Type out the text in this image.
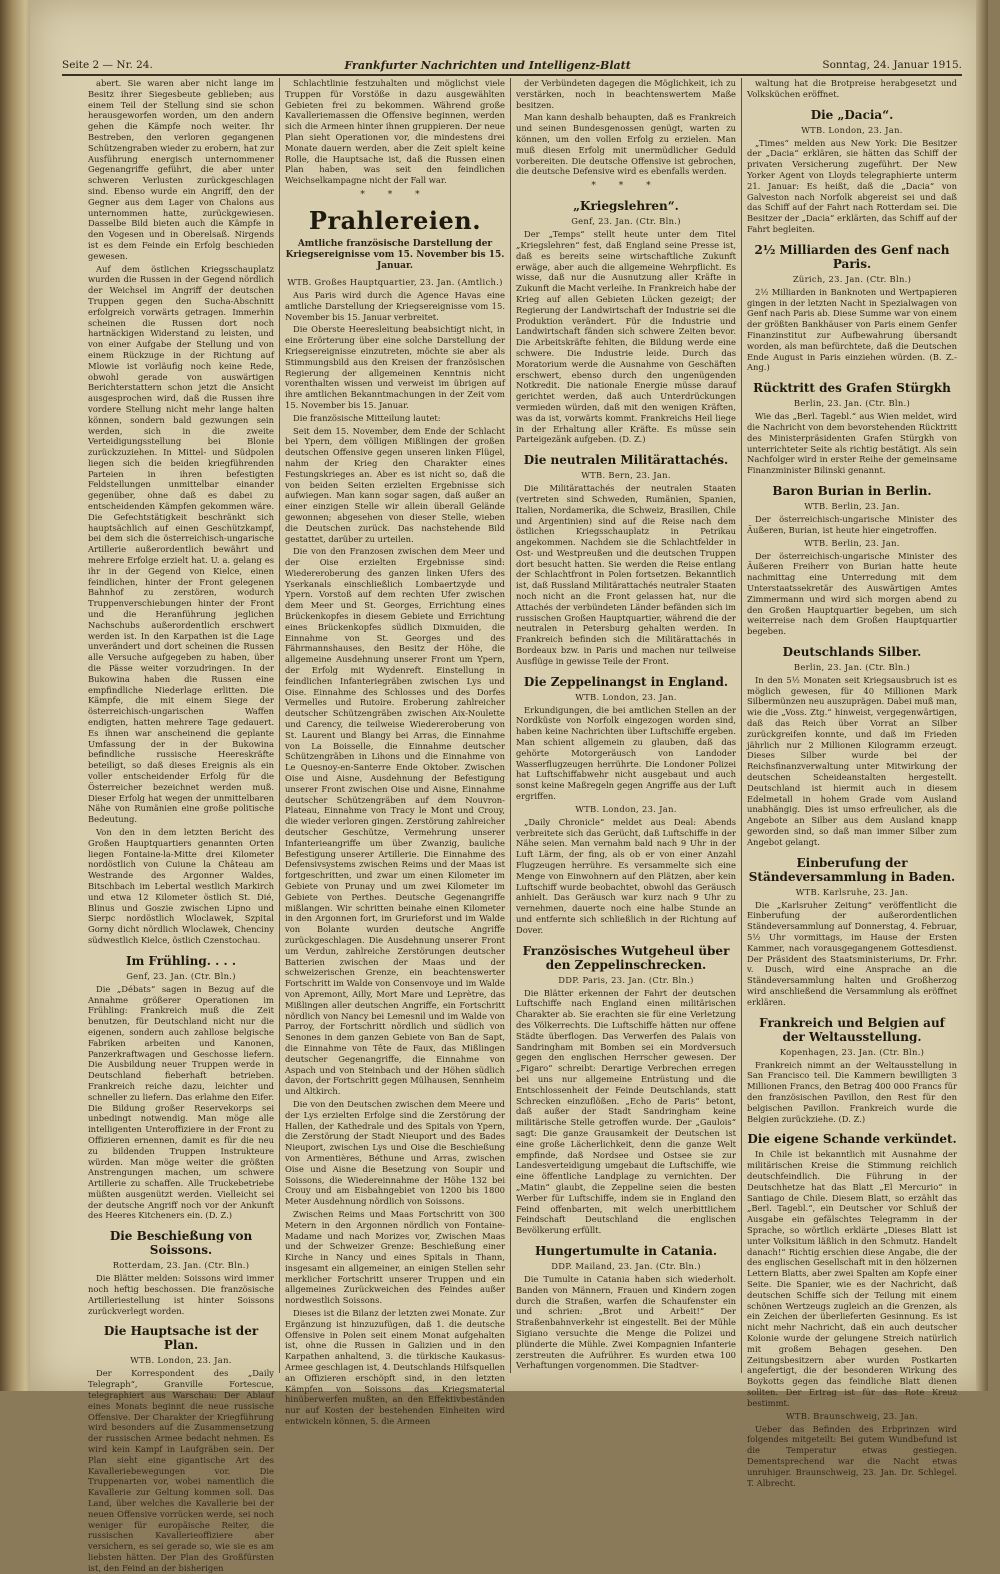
Seite 2 — Nr. 24.	Frankfurter Nachrichten und Intelligenz-Blatt	Sonntag, 24. Januar 1915.

abert. Sie waren aber nicht lange im Besitz ihrer Siegesbeute geblieben; aus einem Teil der Stellung sind sie schon herausgeworfen worden, um den andern gehen die Kämpfe noch weiter. Ihr Bestreben, den verloren gegangenen Schützengraben wieder zu erobern, hat zur Ausführung energisch unternommener Gegenangriffe geführt, die aber unter schweren Verlusten zurückgeschlagen sind. Ebenso wurde ein Angriff, den der Gegner aus dem Lager von Chalons aus unternommen hatte, zurückgewiesen. Dasselbe Bild bieten auch die Kämpfe in den Vogesen und in Oberelsaß. Nirgends ist es dem Feinde ein Erfolg beschieden gewesen.

Auf dem östlichen Kriegsschauplatz wurden die Russen in der Gegend nördlich der Weichsel im Angriff der deutschen Truppen gegen den Sucha-Abschnitt erfolgreich vorwärts getragen. Immerhin scheinen die Russen dort noch hartnäckigen Widerstand zu leisten, und von einer Aufgabe der Stellung und von einem Rückzuge in der Richtung auf Mlowie ist vorläufig noch keine Rede, obwohl gerade von auswärtigen Berichterstattern schon jetzt die Ansicht ausgesprochen wird, daß die Russen ihre vordere Stellung nicht mehr lange halten können, sondern bald gezwungen sein werden, sich in die zweite Verteidigungsstellung bei Blonie zurückzuziehen. In Mittel- und Südpolen liegen sich die beiden kriegführenden Parteien in ihren befestigten Feldstellungen unmittelbar einander gegenüber, ohne daß es dabei zu entscheidenden Kämpfen gekommen wäre. Die Gefechtstätigkeit beschränkt sich hauptsächlich auf einen Geschützkampf, bei dem sich die österreichisch-ungarische Artillerie außerordentlich bewährt und mehrere Erfolge erzielt hat. U. a. gelang es ihr in der Gegend von Kielce, einen feindlichen, hinter der Front gelegenen Bahnhof zu zerstören, wodurch Truppenverschiebungen hinter der Front und die Heranführung jeglichen Nachschubs außerordentlich erschwert werden ist. In den Karpathen ist die Lage unverändert und dort scheinen die Russen alle Versuche aufgegeben zu haben, über die Pässe weiter vorzudringen. In der Bukowina haben die Russen eine empfindliche Niederlage erlitten. Die Kämpfe, die mit einem Siege der österreichisch-ungarischen Waffen endigten, hatten mehrere Tage gedauert. Es ihnen war anscheinend die geplante Umfassung der in der Bukowina befindliche russische Heereskräfte beteiligt, so daß dieses Ereignis als ein voller entscheidender Erfolg für die Österreicher bezeichnet werden muß. Dieser Erfolg hat wegen der unmittelbaren Nähe von Rumänien eine große politische Bedeutung.

Von den in dem letzten Bericht des Großen Hauptquartiers genannten Orten liegen Fontaine-la-Mitte drei Kilometer nordöstlich von Cuiune la Château am Westrande des Argonner Waldes, Bitschbach im Lebertal westlich Markirch und etwa 12 Kilometer östlich St. Dié, Blinus und Goszie zwischen Lipno und Sierpc nordöstlich Wloclawek, Szpital Gorny dicht nördlich Wloclawek, Chenciny südwestlich Kielce, östlich Czenstochau.

Im Frühling. . . .
Genf, 23. Jan. (Ctr. Bln.)

Die „Débats“ sagen in Bezug auf die Annahme größerer Operationen im Frühling: Frankreich muß die Zeit benutzen, für Deutschland nicht nur die eigenen, sondern auch zahllose belgische Fabriken arbeiten und Kanonen, Panzerkraftwagen und Geschosse liefern. Die Ausbildung neuer Truppen werde in Deutschland fieberhaft betrieben. Frankreich reiche dazu, leichter und schneller zu liefern. Das erlahme den Eifer. Die Bildung großer Reservekorps sei unbedingt notwendig. Man möge alle intelligenten Unteroffiziere in der Front zu Offizieren ernennen, damit es für die neu zu bildenden Truppen Instrukteure würden. Man möge weiter die größten Anstrengungen machen, um schwere Artillerie zu schaffen. Alle Truckebetriebe müßten ausgenützt werden. Vielleicht sei der deutsche Angriff noch vor der Ankunft des Heeres Kitcheners ein. (D. Z.)

Die Beschießung von Soissons.
Rotterdam, 23. Jan. (Ctr. Bln.)

Die Blätter melden: Soissons wird immer noch heftig beschossen. Die französische Artilleriestellung ist hinter Soissons zurückverlegt worden.

Die Hauptsache ist der Plan.
WTB. London, 23. Jan.

Der Korrespondent des „Daily Telegraph“, Granville Fortescue, telegraphiert aus Warschau: Der Ablauf eines Monats beginnt die neue russische Offensive. Der Charakter der Kriegführung wird besonders auf die Zusammensetzung der russischen Armee bedacht nehmen. Es wird kein Kampf in Laufgräben sein. Der Plan sieht eine gigantische Art des Kavalleriebewegungen vor. Die Truppenarten vor, wobei namentlich die Kavallerie zur Geltung kommen soll. Das Land, über welches die Kavallerie bei der neuen Offensive vorrücken werde, sei noch weniger für europäische Reiter, die russischen Kavallerieoffiziere aber versichern, es sei gerade so, wie sie es am liebsten hätten. Der Plan des Großfürsten ist, den Feind an der bisherigen

Schlachtlinie festzuhalten und möglichst viele Truppen für Vorstöße in dazu ausgewählten Gebieten frei zu bekommen. Während große Kavalleriemassen die Offensive beginnen, werden sich die Armeen hinter ihnen gruppieren. Der neue Plan sieht Operationen vor, die mindestens drei Monate dauern werden, aber die Zeit spielt keine Rolle, die Hauptsache ist, daß die Russen einen Plan haben, was seit den feindlichen Weichselkampagne nicht der Fall war.

* * *
Prahlereien.
Amtliche französische Darstellung der Kriegsereignisse vom 15. November bis 15. Januar.
WTB. Großes Hauptquartier, 23. Jan. (Amtlich.)

Aus Paris wird durch die Agence Havas eine amtliche Darstellung der Kriegsereignisse vom 15. November bis 15. Januar verbreitet.

Die Oberste Heeresleitung beabsichtigt nicht, in eine Erörterung über eine solche Darstellung der Kriegsereignisse einzutreten, möchte sie aber als Stimmungsbild aus den Kreisen der französischen Regierung der allgemeinen Kenntnis nicht vorenthalten wissen und verweist im übrigen auf ihre amtlichen Bekanntmachungen in der Zeit vom 15. November bis 15. Januar.

Die französische Mitteilung lautet:

Seit dem 15. November, dem Ende der Schlacht bei Ypern, dem völligen Mißlingen der großen deutschen Offensive gegen unseren linken Flügel, nahm der Krieg den Charakter eines Festungskrieges an. Aber es ist nicht so, daß die von beiden Seiten erzielten Ergebnisse sich aufwiegen. Man kann sogar sagen, daß außer an einer einzigen Stelle wir allein überall Gelände gewonnen; abgesehen von dieser Stelle, wieben die Deutschen zurück. Das nachstehende Bild gestattet, darüber zu urteilen.

Die von den Franzosen zwischen dem Meer und der Oise erzielten Ergebnisse sind: Wiedereroberung des ganzen linken Ufers des Yserkanals einschließlich Lombaertzyde und Ypern. Vorstoß auf dem rechten Ufer zwischen dem Meer und St. Georges, Errichtung eines Brückenkopfes in diesem Gebiete und Errichtung eines Brückenkopfes südlich Dixmuiden, die Einnahme von St. Georges und des Fährmannshauses, den Besitz der Höhe, die allgemeine Ausdehnung unserer Front um Ypern, der Erfolg mit Wydenreft. Einstellung in feindlichen Infanteriegräben zwischen Lys und Oise. Einnahme des Schlosses und des Dorfes Vermelles und Rutoire. Eroberung zahlreicher deutscher Schützengräben zwischen Aix-Noulette und Carency, die teilweise Wiedereroberung von St. Laurent und Blangy bei Arras, die Einnahme von La Boisselle, die Einnahme deutscher Schützengräben in Lihons und die Einnahme von Le Quesnoy-en-Santerre Ende Oktober. Zwischen Oise und Aisne, Ausdehnung der Befestigung unserer Front zwischen Oise und Aisne, Einnahme deutscher Schützengräben auf dem Nouvron-Plateau, Einnahme von Tracy le Mont und Crouy, die wieder verloren gingen. Zerstörung zahlreicher deutscher Geschütze, Vermehrung unserer Infanterieangriffe um über Zwanzig, bauliche Befestigung unserer Artillerie. Die Einnahme des Defensivsystems zwischen Reims und der Maas ist fortgeschritten, und zwar um einen Kilometer im Gebiete von Prunay und um zwei Kilometer im Gebiete von Perthes. Deutsche Gegenangriffe mißlangen. Wir schritten beinahe einen Kilometer in den Argonnen fort, im Grurieforst und im Walde von Bolante wurden deutsche Angriffe zurückgeschlagen. Die Ausdehnung unserer Front um Verdun, zahlreiche Zerstörungen deutscher Batterien zwischen der Maas und der schweizerischen Grenze, ein beachtenswerter Fortschritt im Walde von Consenvoye und im Walde von Apremont, Ailly, Mort Mare und Leprètre, das Mißlingen aller deutschen Angriffe, ein Fortschritt nördlich von Nancy bei Lemesnil und im Walde von Parroy, der Fortschritt nördlich und südlich von Senones in dem ganzen Gebiete von Ban de Sapt, die Einnahme von Tête de Faux, das Mißlingen deutscher Gegenangriffe, die Einnahme von Aspach und von Steinbach und der Höhen südlich davon, der Fortschritt gegen Mülhausen, Sennheim und Altkirch.

Die von den Deutschen zwischen dem Meere und der Lys erzielten Erfolge sind die Zerstörung der Hallen, der Kathedrale und des Spitals von Ypern, die Zerstörung der Stadt Nieuport und des Bades Nieuport, zwischen Lys und Oise die Beschießung von Armentières, Béthune und Arras, zwischen Oise und Aisne die Besetzung von Soupir und Soissons, die Wiedereinnahme der Höhe 132 bei Crouy und am Eisbahngebiet von 1200 bis 1800 Meter Ausdehnung nördlich von Soissons.

Zwischen Reims und Maas Fortschritt von 300 Metern in den Argonnen nördlich von Fontaine-Madame und nach Morizes vor, Zwischen Maas und der Schweizer Grenze: Beschießung einer Kirche in Nancy und eines Spitals in Thann, insgesamt ein allgemeiner, an einigen Stellen sehr merklicher Fortschritt unserer Truppen und ein allgemeines Zurückweichen des Feindes außer nordwestlich Soissons.

Dieses ist die Bilanz der letzten zwei Monate. Zur Ergänzung ist hinzuzufügen, daß 1. die deutsche Offensive in Polen seit einem Monat aufgehalten ist, ohne die Russen in Galizien und in den Karpathen anhaltend, 3. die türkische Kaukasus-Armee geschlagen ist, 4. Deutschlands Hilfsquellen an Offizieren erschöpft sind, in den letzten Kämpfen von Soissons das Kriegsmaterial hinüberwerfen mußten, an den Effektivbeständen nur auf Kosten der bestehenden Einheiten wird entwickeln können, 5. die Armeen

der Verbündeten dagegen die Möglichkeit, ich zu verstärken, noch in beachtenswertem Maße besitzen.

Man kann deshalb behaupten, daß es Frankreich und seinen Bundesgenossen genügt, warten zu können, um den vollen Erfolg zu erzielen. Man muß diesen Erfolg mit unermüdlicher Geduld vorbereiten. Die deutsche Offensive ist gebrochen, die deutsche Defensive wird es ebenfalls werden.

* * *
„Kriegslehren“.
Genf, 23. Jan. (Ctr. Bln.)

Der „Temps“ stellt heute unter dem Titel „Kriegslehren“ fest, daß England seine Presse ist, daß es bereits seine wirtschaftliche Zukunft erwäge, aber auch die allgemeine Wehrpflicht. Es wisse, daß nur die Ausnutzung aller Kräfte in Zukunft die Macht verleihe. In Frankreich habe der Krieg auf allen Gebieten Lücken gezeigt; der Regierung der Landwirtschaft der Industrie sei die Produktion verändert. Für die Industrie und Landwirtschaft fänden sich schwere Zeiten bevor. Die Arbeitskräfte fehlten, die Bildung werde eine schwere. Die Industrie leide. Durch das Moratorium werde die Ausnahme von Geschäften erschwert, ebenso durch den ungenügenden Notkredit. Die nationale Energie müsse darauf gerichtet werden, daß auch Unterdrückungen vermieden würden, daß mit den wenigen Kräften, was da ist, vorwärts kommt. Frankreichs Heil liege in der Erhaltung aller Kräfte. Es müsse sein Parteigezänk aufgeben. (D. Z.)

Die neutralen Militärattachés.
WTB. Bern, 23. Jan.

Die Militärattachés der neutralen Staaten (vertreten sind Schweden, Rumänien, Spanien, Italien, Nordamerika, die Schweiz, Brasilien, Chile und Argentinien) sind auf die Reise nach dem östlichen Kriegsschauplatz in Petrikau angekommen. Nachdem sie die Schlachtfelder in Ost- und Westpreußen und die deutschen Truppen dort besucht hatten. Sie werden die Reise entlang der Schlachtfront in Polen fortsetzen. Bekanntlich ist, daß Russland Militärattachés neutraler Staaten noch nicht an die Front gelassen hat, nur die Attachés der verbündeten Länder befänden sich im russischen Großen Hauptquartier, während die der neutralen in Petersburg gehalten werden. In Frankreich befinden sich die Militärattachés in Bordeaux bzw. in Paris und machen nur teilweise Ausflüge in gewisse Teile der Front.

Die Zeppelinangst in England.
WTB. London, 23. Jan.

Erkundigungen, die bei amtlichen Stellen an der Nordküste von Norfolk eingezogen worden sind, haben keine Nachrichten über Luftschiffe ergeben. Man schient allgemein zu glauben, daß das gehörte Motorgeräusch von Landoder Wasserflugzeugen herrührte. Die Londoner Polizei hat Luftschiffabwehr nicht ausgebaut und auch sonst keine Maßregeln gegen Angriffe aus der Luft ergriffen.

WTB. London, 23. Jan.

„Daily Chronicle“ meldet aus Deal: Abends verbreitete sich das Gerücht, daß Luftschiffe in der Nähe seien. Man vernahm bald nach 9 Uhr in der Luft Lärm, der fing, als ob er von einer Anzahl Flugzeugen herrühre. Es versammelte sich eine Menge von Einwohnern auf den Plätzen, aber kein Luftschiff wurde beobachtet, obwohl das Geräusch anhielt. Das Geräusch war kurz nach 9 Uhr zu vernehmen, dauerte noch eine halbe Stunde an und entfernte sich schließlich in der Richtung auf Dover.

Französisches Wutgeheul über den Zeppelinschrecken.
DDP. Paris, 23. Jan. (Ctr. Bln.)

Die Blätter erkennen der Fahrt der deutschen Luftschiffe nach England einen militärischen Charakter ab. Sie erachten sie für eine Verletzung des Völkerrechts. Die Luftschiffe hätten nur offene Städte überflogen. Das Verwerfen des Palais von Sandringham mit Bomben sei ein Mordversuch gegen den englischen Herrscher gewesen. Der „Figaro“ schreibt: Derartige Verbrechen erregen bei uns nur allgemeine Entrüstung und die Entschlossenheit der Feinde Deutschlands, statt Schrecken einzuflößen. „Echo de Paris“ betont, daß außer der Stadt Sandringham keine militärische Stelle getroffen wurde. Der „Gaulois“ sagt: Die ganze Grausamkeit der Deutschen ist eine große Lächerlichkeit, denn die ganze Welt empfinde, daß Nordsee und Ostsee sie zur Landesverteidigung umgebaut die Luftschiffe, wie eine öffentliche Landplage zu vernichten. Der „Matin“ glaubt, die Zeppeline seien die besten Werber für Luftschiffe, indem sie in England den Feind offenbarten, mit welch unerbittlichem Feindschaft Deutschland die englischen Bevölkerung erfüllt.

Hungertumulte in Catania.
DDP. Mailand, 23. Jan. (Ctr. Bln.)

Die Tumulte in Catania haben sich wiederholt. Banden von Männern, Frauen und Kindern zogen durch die Straßen, warfen die Schaufenster ein und schrien: „Brot und Arbeit!“ Der Straßenbahnverkehr ist eingestellt. Bei der Mühle Sigiano versuchte die Menge die Polizei und plünderte die Mühle. Zwei Kompagnien Infanterie zerstreuten die Aufrührer. Es wurden etwa 100 Verhaftungen vorgenommen. Die Stadtver-

waltung hat die Brotpreise herabgesetzt und Volksküchen eröffnet.

Die „Dacia“.
WTB. London, 23. Jan.

„Times“ melden aus New York: Die Besitzer der „Dacia“ erklären, sie hätten das Schiff der privaten Versicherung zugeführt. Der New Yorker Agent von Lloyds telegraphierte unterm 21. Januar: Es heißt, daß die „Dacia“ von Galveston nach Norfolk abgereist sei und daß das Schiff auf der Fahrt nach Rotterdam sei. Die Besitzer der „Dacia“ erklärten, das Schiff auf der Fahrt begleiten.

2½ Milliarden des Genf nach Paris.
Zürich, 23. Jan. (Ctr. Bln.)

2½ Milliarden in Banknoten und Wertpapieren gingen in der letzten Nacht in Spezialwagen von Genf nach Paris ab. Diese Summe war von einem der größten Bankhäuser von Paris einem Genfer Finanzinstitut zur Aufbewahrung übersandt worden, als man befürchtete, daß die Deutschen Ende August in Paris einziehen würden. (B. Z.-Ang.)

Rücktritt des Grafen Stürgkh
Berlin, 23. Jan. (Ctr. Bln.)

Wie das „Berl. Tagebl.“ aus Wien meldet, wird die Nachricht von dem bevorstehenden Rücktritt des Ministerpräsidenten Grafen Stürgkh von unterrichteter Seite als richtig bestätigt. Als sein Nachfolger wird in erster Reihe der gemeinsame Finanzminister Bilinski genannt.

Baron Burian in Berlin.
WTB. Berlin, 23. Jan.

Der österreichisch-ungarische Minister des Äußeren, Burian, ist heute hier eingetroffen.

WTB. Berlin, 23. Jan.

Der österreichisch-ungarische Minister des Äußeren Freiherr von Burian hatte heute nachmittag eine Unterredung mit dem Unterstaatssekretär des Auswärtigen Amtes Zimmermann und wird sich morgen abend zu den Großen Hauptquartier begeben, um sich weiterreise nach dem Großen Hauptquartier begeben.

Deutschlands Silber.
Berlin, 23. Jan. (Ctr. Bln.)

In den 5½ Monaten seit Kriegsausbruch ist es möglich gewesen, für 40 Millionen Mark Silbermünzen neu auszuprägen. Dabei muß man, wie die „Voss. Ztg.“ hinweist, vergegenwärtigen, daß das Reich über Vorrat an Silber zurückgreifen konnte, und daß im Frieden jährlich nur 2 Millionen Kilogramm erzeugt. Dieses Silber wurde bei der Reichsfinanzverwaltung unter Mitwirkung der deutschen Scheideanstalten hergestellt. Deutschland ist hiermit auch in diesem Edelmetall in hohem Grade vom Ausland unabhängig. Dies ist umso erfreulicher, als die Angebote an Silber aus dem Ausland knapp geworden sind, so daß man immer Silber zum Angebot gelangt.

Einberufung der Ständeversammlung in Baden.
WTB. Karlsruhe, 23. Jan.

Die „Karlsruher Zeitung“ veröffentlicht die Einberufung der außerordentlichen Ständeversammlung auf Donnerstag, 4. Februar, 5½ Uhr vormittags, im Hause der Ersten Kammer, nach vorausgegangenem Gottesdienst. Der Präsident des Staatsministeriums, Dr. Frhr. v. Dusch, wird eine Ansprache an die Ständeversammlung halten und Großherzog wird anschließend die Versammlung als eröffnet erklären.

Frankreich und Belgien auf der Weltausstellung.
Kopenhagen, 23. Jan. (Ctr. Bln.)

Frankreich nimmt an der Weltausstellung in San Francisco teil. Die Kammern bewilligten 3 Millionen Francs, den Betrag 400 000 Francs für den französischen Pavillon, den Rest für den belgischen Pavillon. Frankreich wurde die Belgien zurückziehe. (D. Z.)

Die eigene Schande verkündet.

In Chile ist bekanntlich mit Ausnahme der militärischen Kreise die Stimmung reichlich deutschfeindlich. Die Führung in der Deutschhetze hat das Blatt „El Mercurio“ in Santiago de Chile. Diesem Blatt, so erzählt das „Berl. Tagebl.“, ein Deutscher vor Schluß der Ausgabe ein gefälschtes Telegramm in der Sprache, so wörtlich erklärte „Dieses Blatt ist unter Volksitum läßlich in den Schmutz. Handelt danach!“ Richtig erschien diese Angabe, die der des englischen Gesellschaft mit in den hölzernen Lettern Blatts, aber zwei Spalten am Kopfe einer Seite. Die Spanier, wie es der Nachricht, daß deutschen Schiffe sich der Teilung mit einem schönen Wertzeugs zugleich an die Grenzen, als ein Zeichen der überlieferten Gesinnung. Es ist nicht mehr Nachricht, daß ein auch deutscher Kolonie wurde der gelungene Streich natürlich mit großem Behagen gesehen. Den Zeitungsbesitzern aber wurden Postkarten angefertigt, die der besonderen Wirkung des Boykotts gegen das feindliche Blatt dienen sollten. Der Ertrag ist für das Rote Kreuz bestimmt.

WTB. Braunschweig, 23. Jan.

Ueber das Befinden des Erbprinzen wird folgendes mitgeteilt: Bei gutem Wundbefund ist die Temperatur etwas gestiegen. Dementsprechend war die Nacht etwas unruhiger. Braunschweig, 23. Jan. Dr. Schlegel. T. Albrecht.
